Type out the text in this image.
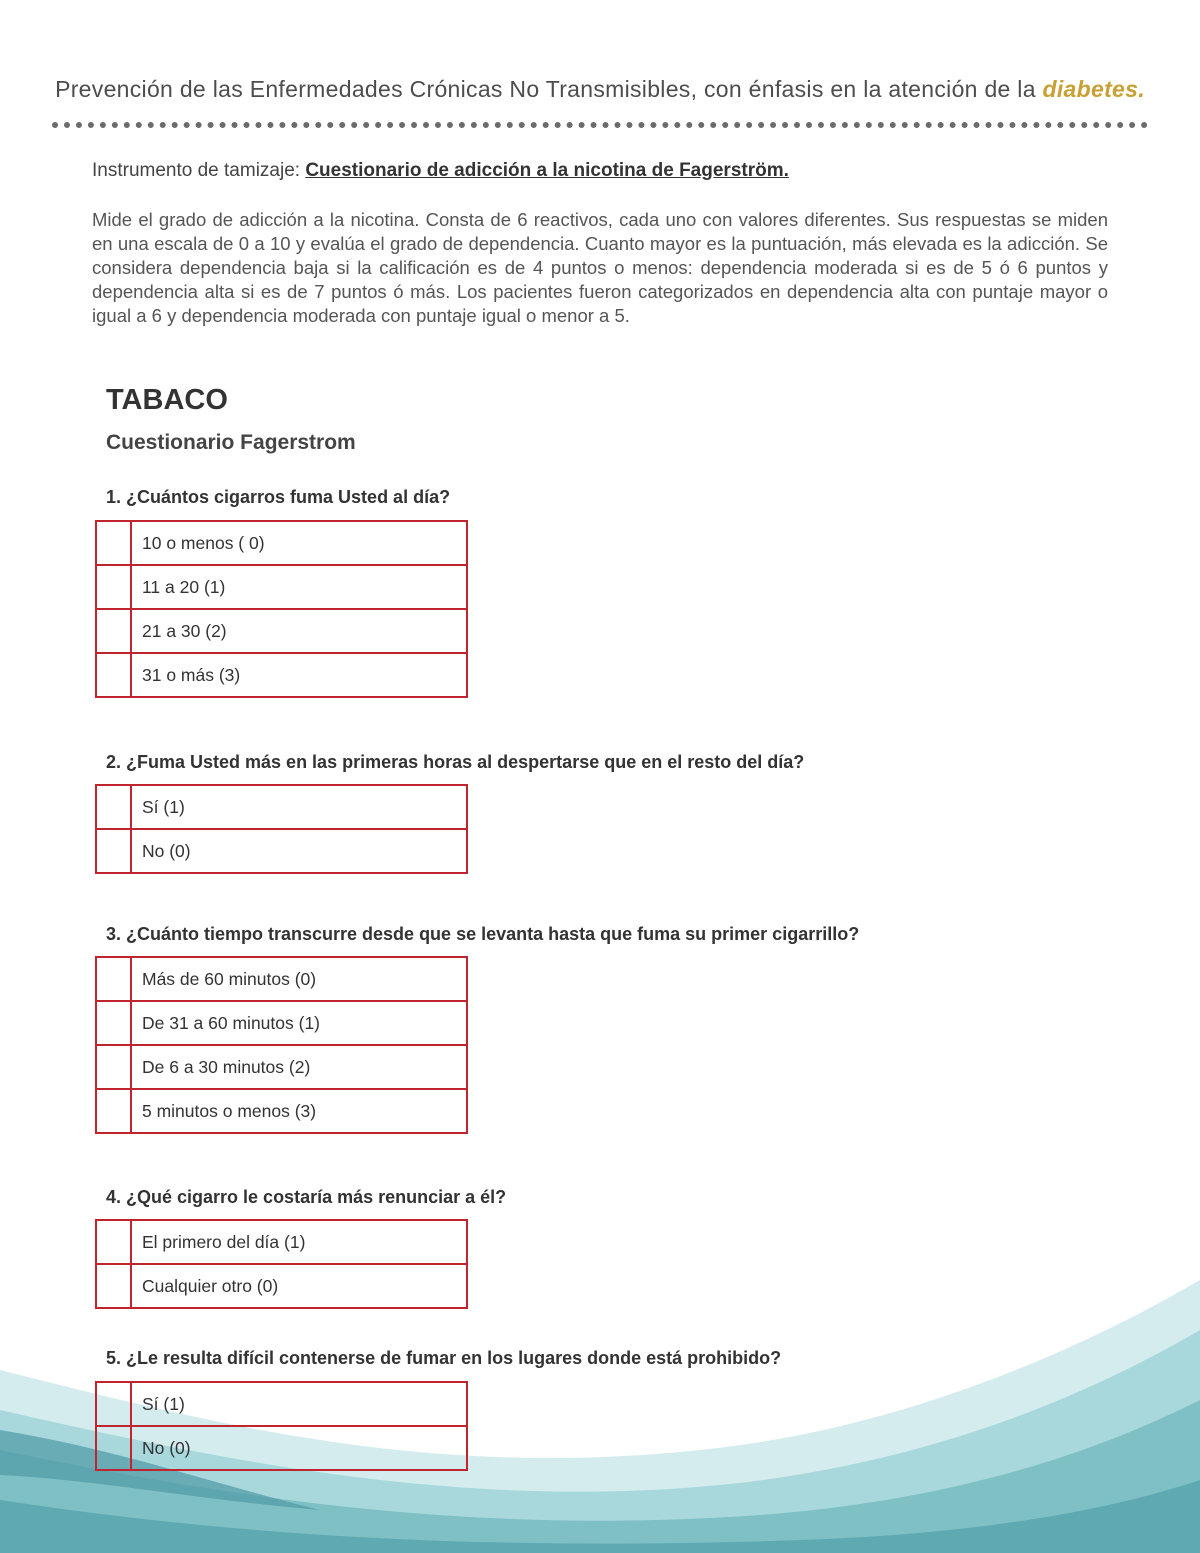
Prevención de las Enfermedades Crónicas No Transmisibles, con énfasis en la atención de la diabetes.
Instrumento de tamizaje: Cuestionario de adicción a la nicotina de Fagerström.
Mide el grado de adicción a la nicotina. Consta de 6 reactivos, cada uno con valores diferentes. Sus respuestas se miden en una escala de 0 a 10 y evalúa el grado de dependencia. Cuanto mayor es la puntuación, más elevada es la adicción. Se considera dependencia baja si la calificación es de 4 puntos o menos: dependencia moderada si es de 5 ó 6 puntos y dependencia alta si es de 7 puntos ó más. Los pacientes fueron categorizados en dependencia alta con puntaje mayor o igual a 6 y dependencia moderada con puntaje igual o menor a 5.
TABACO
Cuestionario Fagerstrom
1. ¿Cuántos cigarros fuma Usted al día?
	10 o menos ( 0)
	11 a 20 (1)
	21 a 30 (2)
	31 o más (3)
2. ¿Fuma Usted más en las primeras horas al despertarse que en el resto del día?
	Sí (1)
	No (0)
3. ¿Cuánto tiempo transcurre desde que se levanta hasta que fuma su primer cigarrillo?
	Más de 60 minutos (0)
	De 31 a 60 minutos (1)
	De 6 a 30 minutos (2)
	5 minutos o menos (3)
4. ¿Qué cigarro le costaría más renunciar a él?
	El primero del día (1)
	Cualquier otro (0)
5. ¿Le resulta difícil contenerse de fumar en los lugares donde está prohibido?
	Sí (1)
	No (0)
